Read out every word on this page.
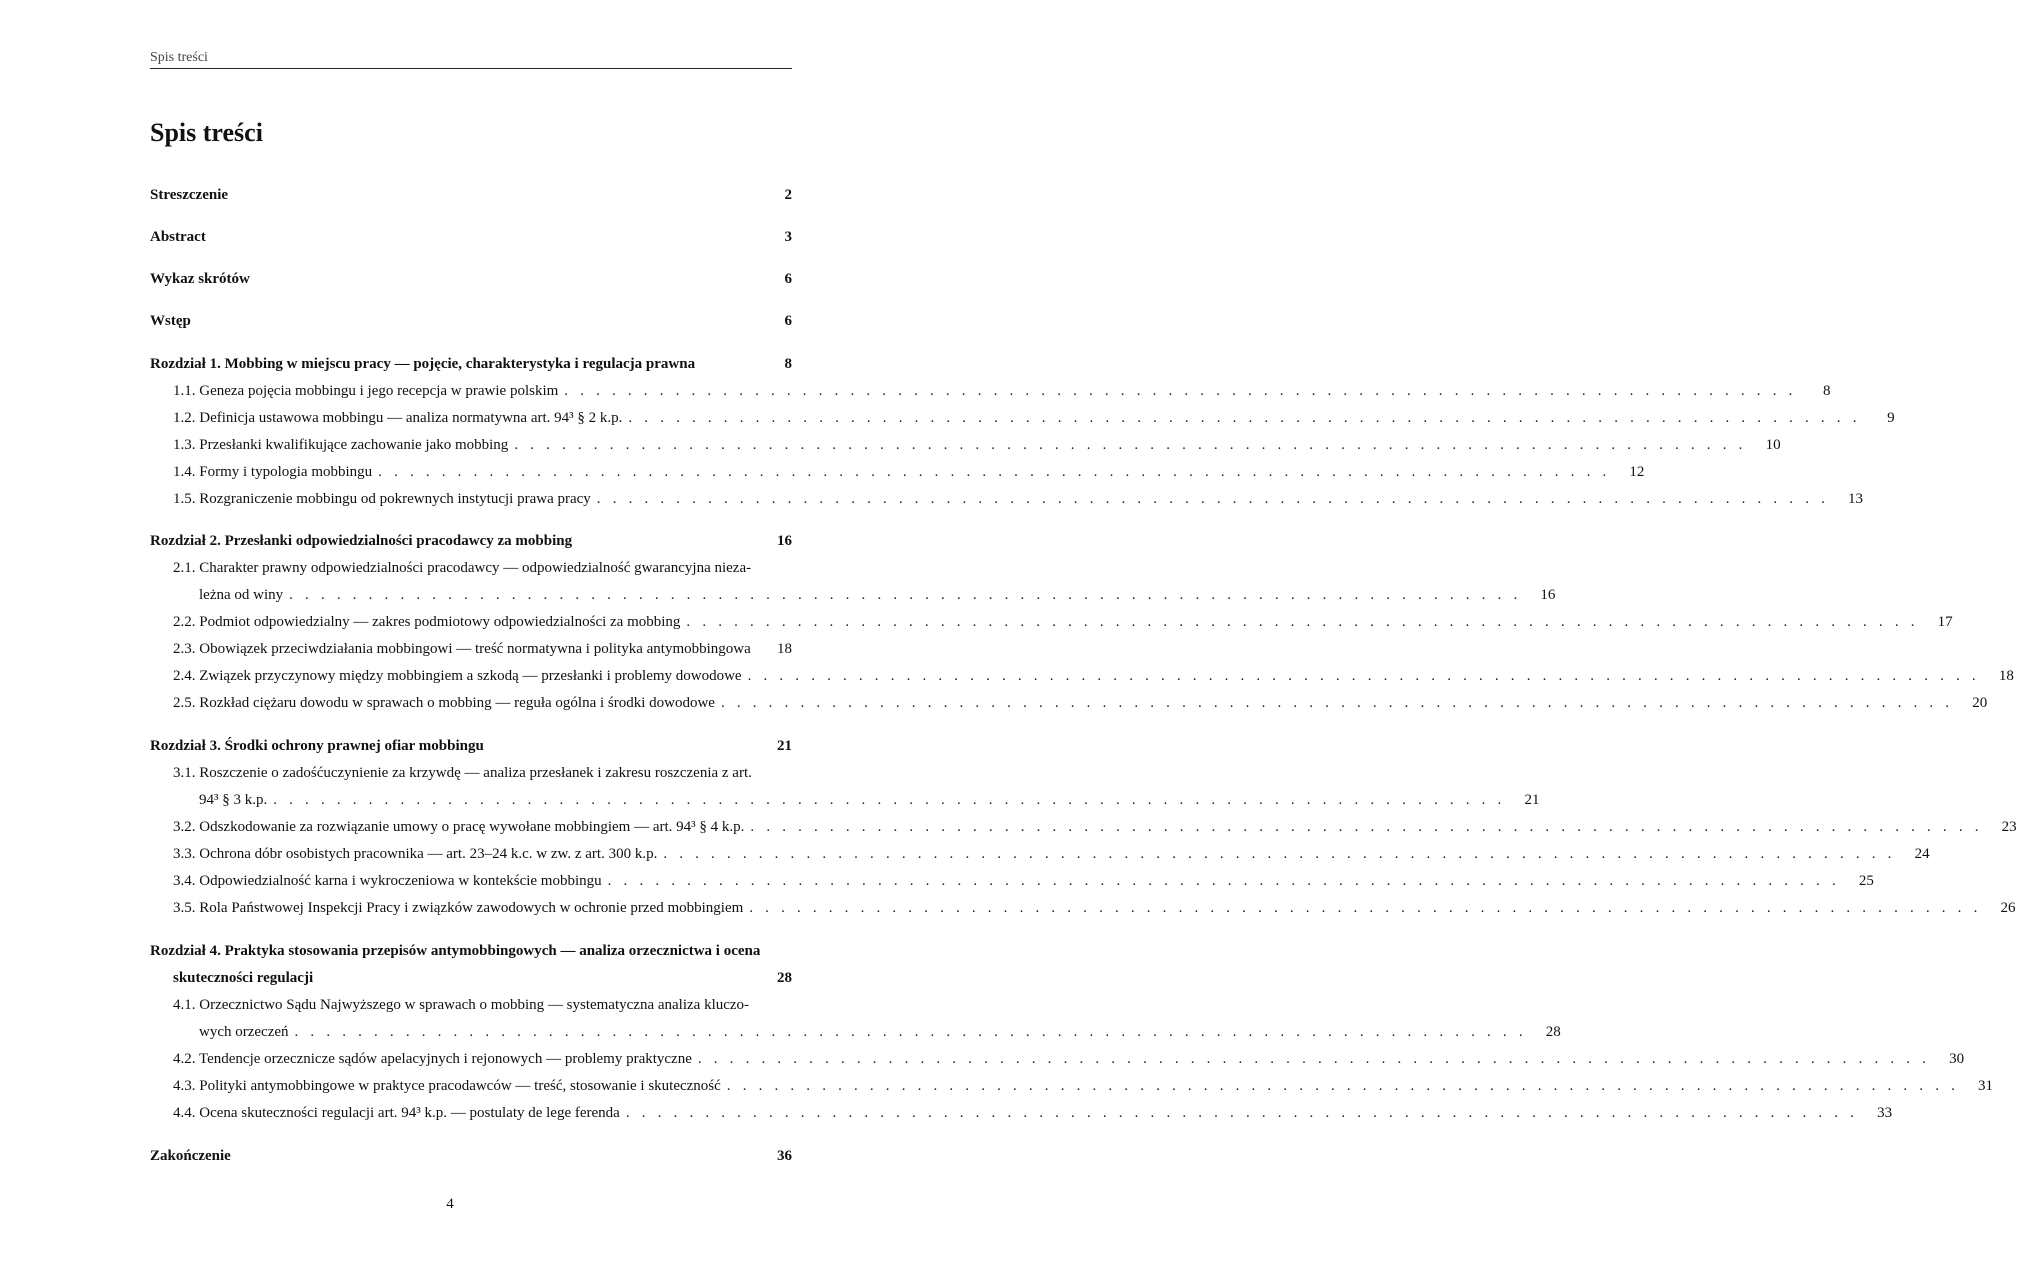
Spis treści
Spis treści
Streszczenie	2
Abstract	3
Wykaz skrótów	6
Wstęp	6
Rozdział 1. Mobbing w miejscu pracy — pojęcie, charakterystyka i regulacja prawna	8
1.1. Geneza pojęcia mobbingu i jego recepcja w prawie polskim . . .	8
1.2. Definicja ustawowa mobbingu — analiza normatywna art. 94³ § 2 k.p. . . .	9
1.3. Przesłanki kwalifikujące zachowanie jako mobbing . . .	10
1.4. Formy i typologia mobbingu . . .	12
1.5. Rozgraniczenie mobbingu od pokrewnych instytucji prawa pracy . . .	13
Rozdział 2. Przesłanki odpowiedzialności pracodawcy za mobbing	16
2.1. Charakter prawny odpowiedzialności pracodawcy — odpowiedzialność gwarancyjna nieza-
leżna od winy . . .	16
2.2. Podmiot odpowiedzialny — zakres podmiotowy odpowiedzialności za mobbing . . .	17
2.3. Obowiązek przeciwdziałania mobbingowi — treść normatywna i polityka antymobbingowa	18
2.4. Związek przyczynowy między mobbingiem a szkodą — przesłanki i problemy dowodowe . . .	18
2.5. Rozkład ciężaru dowodu w sprawach o mobbing — reguła ogólna i środki dowodowe . . .	20
Rozdział 3. Środki ochrony prawnej ofiar mobbingu	21
3.1. Roszczenie o zadośćuczynienie za krzywdę — analiza przesłanek i zakresu roszczenia z art.
94³ § 3 k.p. . . .	21
3.2. Odszkodowanie za rozwiązanie umowy o pracę wywołane mobbingiem — art. 94³ § 4 k.p. . . .	23
3.3. Ochrona dóbr osobistych pracownika — art. 23–24 k.c. w zw. z art. 300 k.p. . . .	24
3.4. Odpowiedzialność karna i wykroczeniowa w kontekście mobbingu . . .	25
3.5. Rola Państwowej Inspekcji Pracy i związków zawodowych w ochronie przed mobbingiem . . .	26
Rozdział 4. Praktyka stosowania przepisów antymobbingowych — analiza orzecznictwa i ocena
skuteczności regulacji	28
4.1. Orzecznictwo Sądu Najwyższego w sprawach o mobbing — systematyczna analiza kluczo-
wych orzeczeń . . .	28
4.2. Tendencje orzecznicze sądów apelacyjnych i rejonowych — problemy praktyczne . . .	30
4.3. Polityki antymobbingowe w praktyce pracodawców — treść, stosowanie i skuteczność . . .	31
4.4. Ocena skuteczności regulacji art. 94³ k.p. — postulaty de lege ferenda . . .	33
Zakończenie	36
4
